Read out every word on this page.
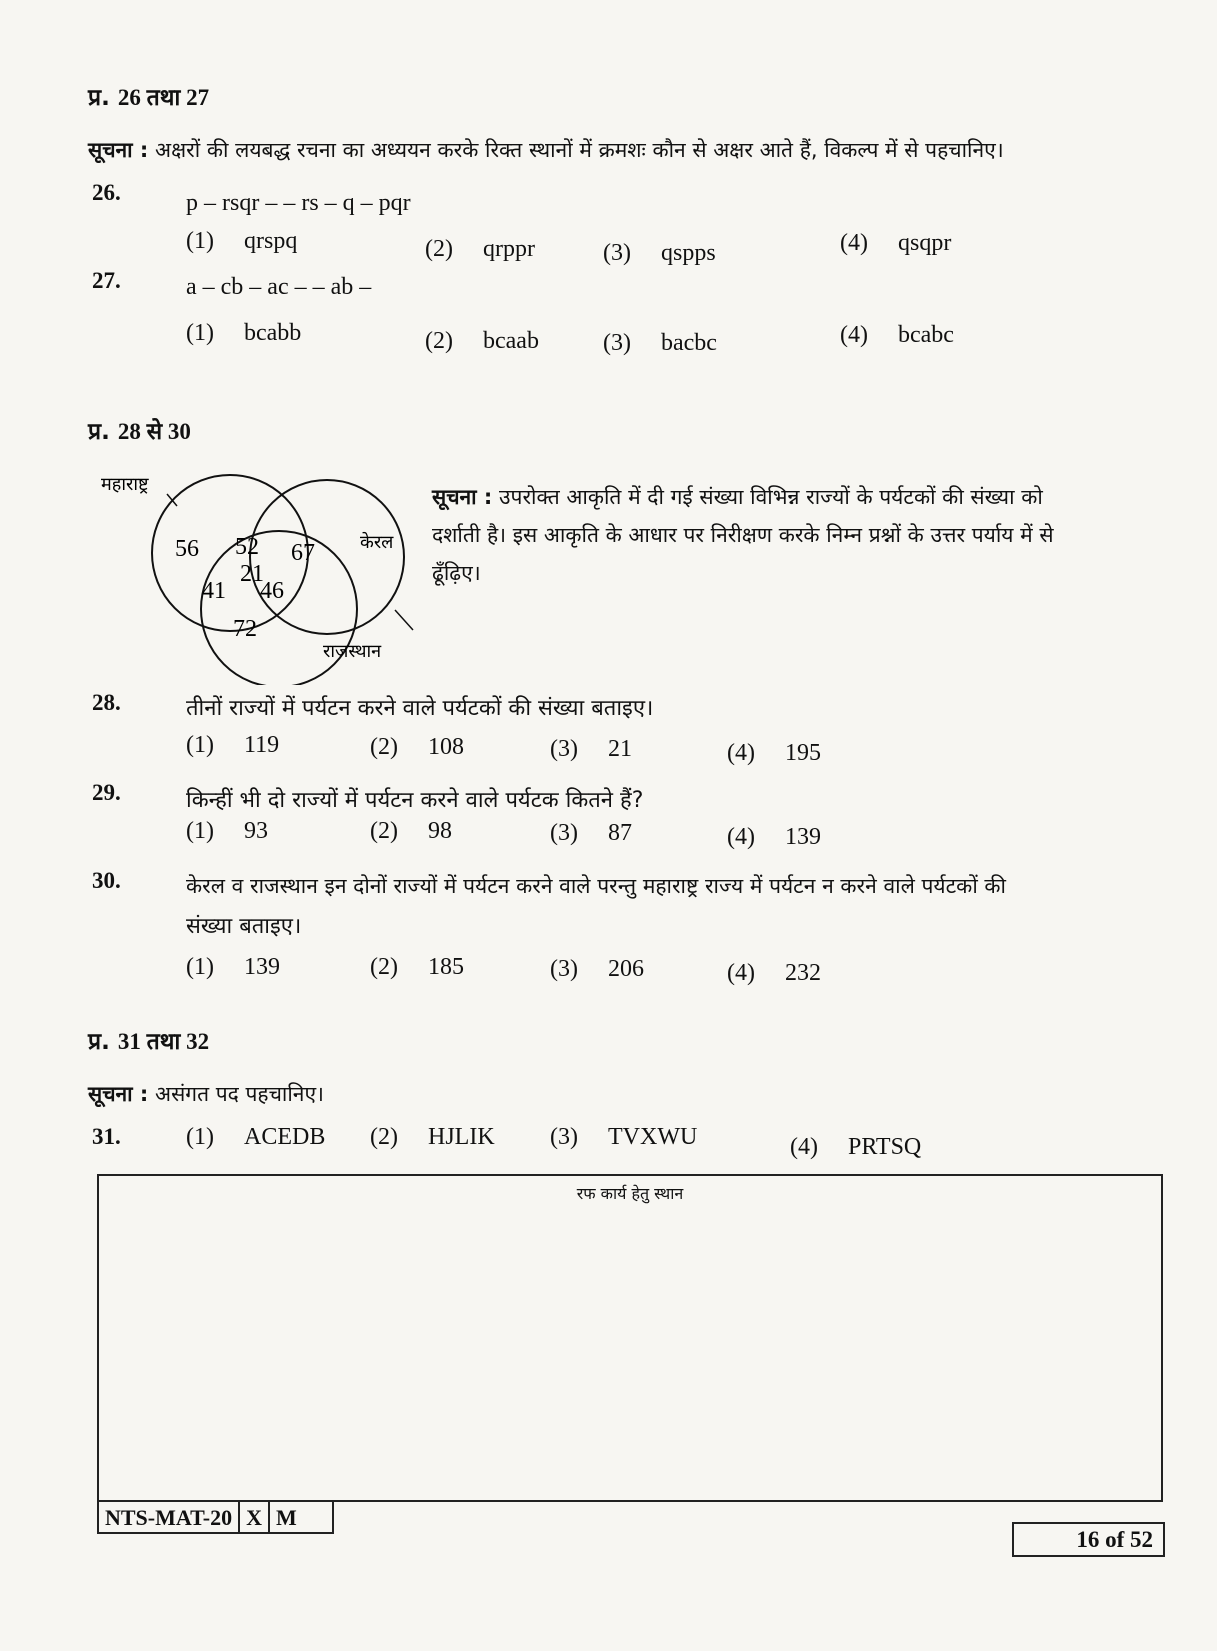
प्र. 26 तथा 27
सूचना : अक्षरों की लयबद्ध रचना का अध्ययन करके रिक्त स्थानों में क्रमशः कौन से अक्षर आते हैं, विकल्प में से पहचानिए।
26.	p – rsqr – – rs – q – pqr
(1) qrspq	(2) qrppr	(3) qspps	(4) qsqpr
27.	a – cb – ac – – ab –
(1) bcabb	(2) bcaab	(3) bacbc	(4) bcabc
प्र. 28 से 30
महाराष्ट्र
केरल
राजस्थान
56 52 67
21
41 46
72
सूचना : उपरोक्त आकृति में दी गई संख्या विभिन्न राज्यों के पर्यटकों की संख्या को
दर्शाती है। इस आकृति के आधार पर निरीक्षण करके निम्न प्रश्नों के उत्तर पर्याय में से
ढूँढ़िए।
28.	तीनों राज्यों में पर्यटन करने वाले पर्यटकों की संख्या बताइए।
(1) 119	(2) 108	(3) 21	(4) 195
29.	किन्हीं भी दो राज्यों में पर्यटन करने वाले पर्यटक कितने हैं?
(1) 93	(2) 98	(3) 87	(4) 139
30.	केरल व राजस्थान इन दोनों राज्यों में पर्यटन करने वाले परन्तु महाराष्ट्र राज्य में पर्यटन न करने वाले पर्यटकों की
संख्या बताइए।
(1) 139	(2) 185	(3) 206	(4) 232
प्र. 31 तथा 32
सूचना : असंगत पद पहचानिए।
31.	(1) ACEDB (2) HJLIK (3) TVXWU	(4) PRTSQ
रफ कार्य हेतु स्थान
NTS-MAT-20 X M
16 of 52
